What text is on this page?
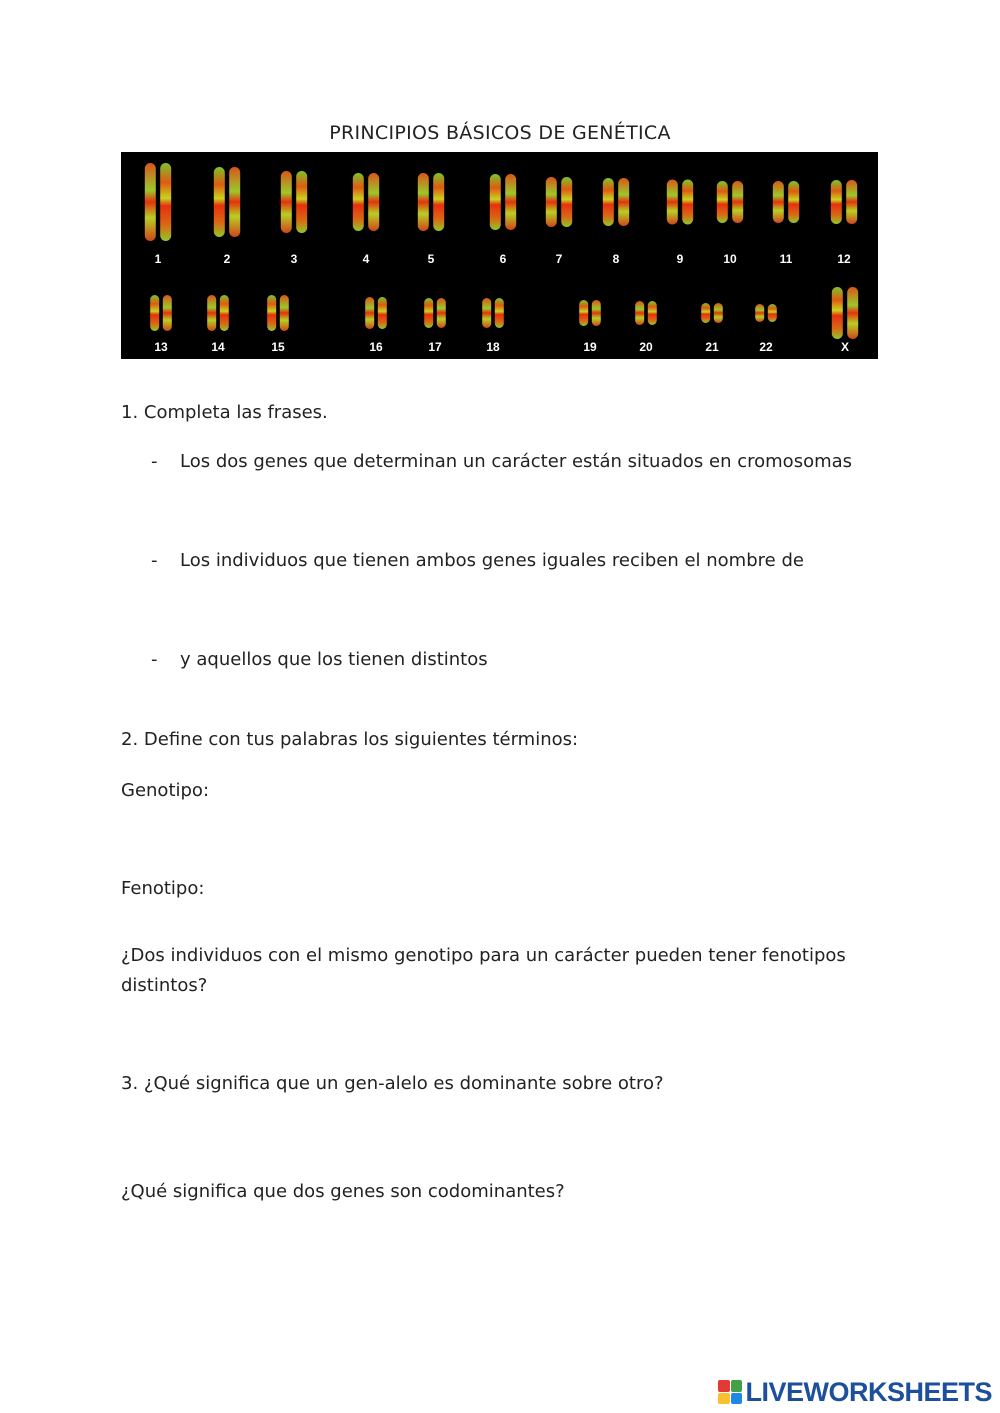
PRINCIPIOS BÁSICOS DE GENÉTICA
1	2	3	4	5	6	7	8	9	10	11	12
13	14	15	16	17	18	19	20	21	22	X

1. Completa las frases.

- Los dos genes que determinan un carácter están situados en cromosomas

- Los individuos que tienen ambos genes iguales reciben el nombre de

- y aquellos que los tienen distintos

2. Define con tus palabras los siguientes términos:

Genotipo:

Fenotipo:

¿Dos individuos con el mismo genotipo para un carácter pueden tener fenotipos distintos?

3. ¿Qué significa que un gen-alelo es dominante sobre otro?

¿Qué significa que dos genes son codominantes?

LIVEWORKSHEETS
